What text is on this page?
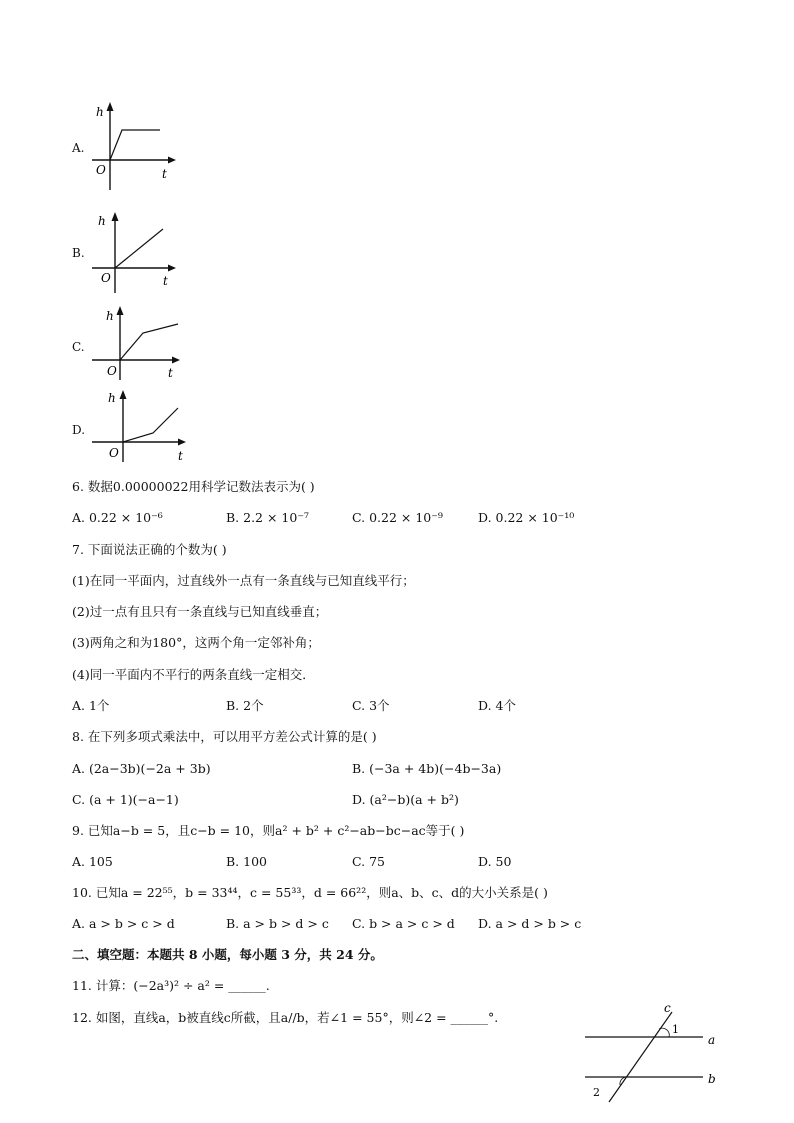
A.
h
O	t
B.
h
O	t
C.
h
O	t
D.
h
O	t
6. 数据0.00000022用科学记数法表示为( )
A. 0.22 × 10⁻⁶	B. 2.2 × 10⁻⁷	C. 0.22 × 10⁻⁹	D. 0.22 × 10⁻¹⁰
7. 下面说法正确的个数为( )
(1)在同一平面内，过直线外一点有一条直线与已知直线平行；
(2)过一点有且只有一条直线与已知直线垂直；
(3)两角之和为180°，这两个角一定邻补角；
(4)同一平面内不平行的两条直线一定相交．
A. 1个	B. 2个	C. 3个	D. 4个
8. 在下列多项式乘法中，可以用平方差公式计算的是( )
A. (2a−3b)(−2a + 3b)	B. (−3a + 4b)(−4b−3a)
C. (a + 1)(−a−1)	D. (a²−b)(a + b²)
9. 已知a−b = 5，且c−b = 10，则a² + b² + c²−ab−bc−ac等于( )
A. 105	B. 100	C. 75	D. 50
10. 已知a = 22⁵⁵，b = 33⁴⁴，c = 55³³，d = 66²²，则a、b、c、d的大小关系是( )
A. a > b > c > d	B. a > b > d > c C. b > a > c > d D. a > d > b > c
二、填空题：本题共 8 小题，每小题 3 分，共 24 分。
11. 计算：(−2a³)² ÷ a² = ______.
12. 如图，直线a，b被直线c所截，且a//b，若∠1 = 55°，则∠2 = ______°.
c
1
a
b
2
